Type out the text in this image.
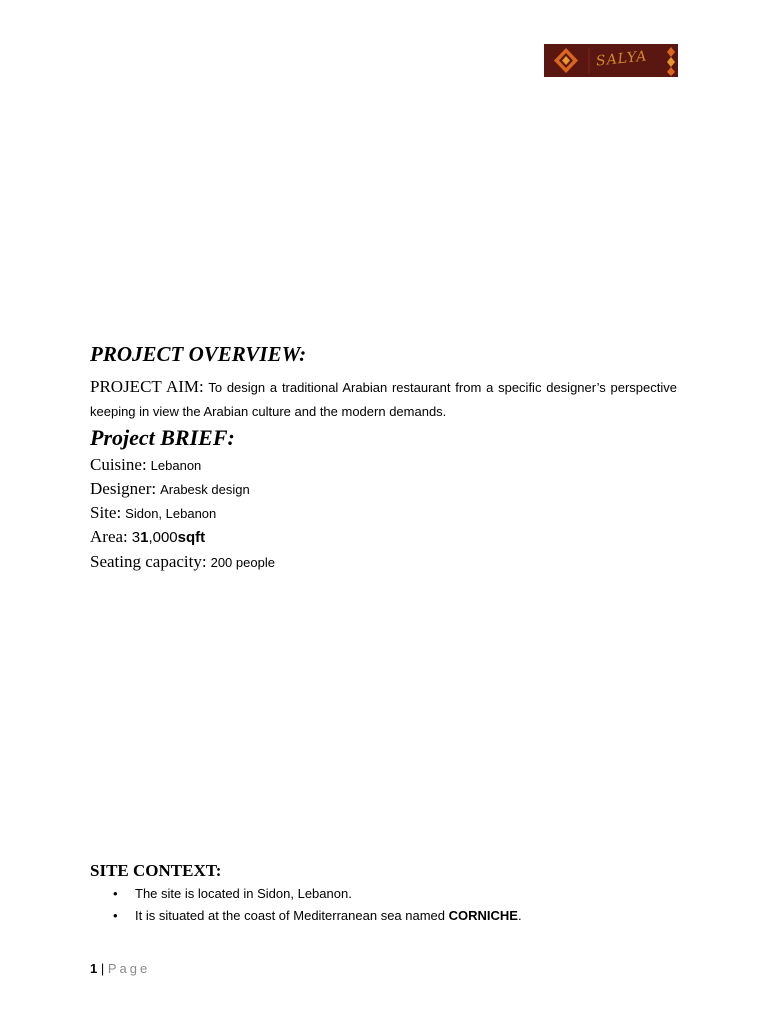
SALYA
PROJECT OVERVIEW:

PROJECT AIM: To design a traditional Arabian restaurant from a specific designer’s perspective keeping in view the Arabian culture and the modern demands.

Project BRIEF:

Cuisine: Lebanon

Designer: Arabesk design

Site: Sidon, Lebanon

Area: 31,000sqft

Seating capacity: 200 people

SITE CONTEXT:
• The site is located in Sidon, Lebanon.
• It is situated at the coast of Mediterranean sea named CORNICHE.
1 | Page
